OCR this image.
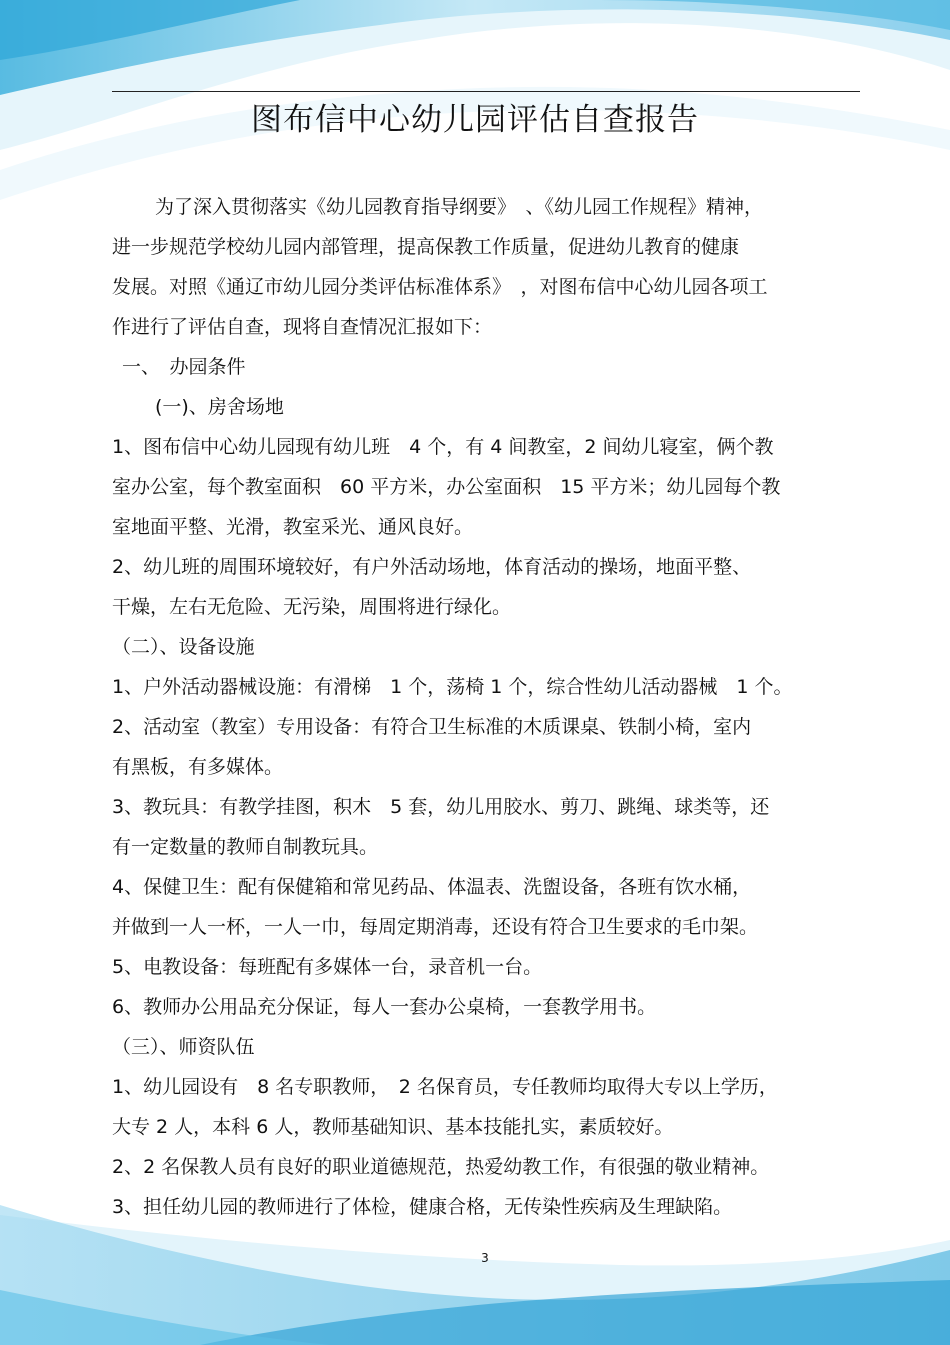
图布信中心幼儿园评估自查报告
为了深入贯彻落实《幼儿园教育指导纲要》　、《幼儿园工作规程》精神，
进一步规范学校幼儿园内部管理，提高保教工作质量，促进幼儿教育的健康
发展。对照《通辽市幼儿园分类评估标准体系》　，对图布信中心幼儿园各项工
作进行了评估自查，现将自查情况汇报如下：
一、　办园条件
(一)、房舍场地
1、图布信中心幼儿园现有幼儿班　4 个，有 4 间教室，2 间幼儿寝室，俩个教
室办公室，每个教室面积　60 平方米，办公室面积　15 平方米；幼儿园每个教
室地面平整、光滑，教室采光、通风良好。
2、幼儿班的周围环境较好，有户外活动场地，体育活动的操场，地面平整、
干燥，左右无危险、无污染，周围将进行绿化。
（二）、设备设施
1、户外活动器械设施：有滑梯　1 个，荡椅 1 个，综合性幼儿活动器械　1 个。
2、活动室（教室）专用设备：有符合卫生标准的木质课桌、铁制小椅，室内
有黑板，有多媒体。
3、教玩具：有教学挂图，积木　5 套，幼儿用胶水、剪刀、跳绳、球类等，还
有一定数量的教师自制教玩具。
4、保健卫生：配有保健箱和常见药品、体温表、洗盥设备，各班有饮水桶，
并做到一人一杯，一人一巾，每周定期消毒，还设有符合卫生要求的毛巾架。
5、电教设备：每班配有多媒体一台，录音机一台。
6、教师办公用品充分保证，每人一套办公桌椅，一套教学用书。
（三）、师资队伍
1、幼儿园设有　8 名专职教师，　2 名保育员，专任教师均取得大专以上学历，
大专 2 人，本科 6 人，教师基础知识、基本技能扎实，素质较好。
2、2 名保教人员有良好的职业道德规范，热爱幼教工作，有很强的敬业精神。
3、担任幼儿园的教师进行了体检，健康合格，无传染性疾病及生理缺陷。
3
